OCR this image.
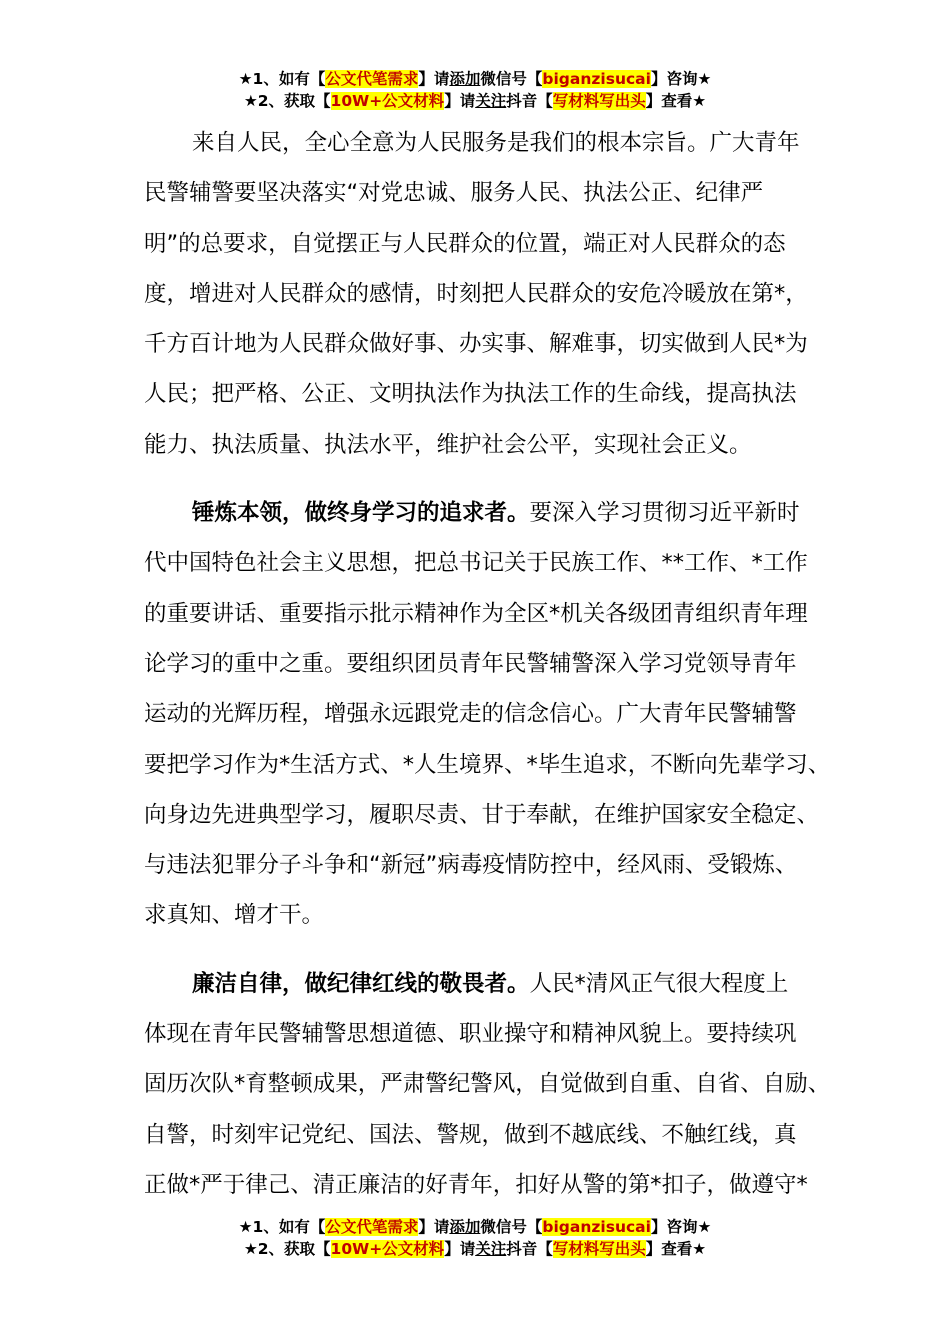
★1、如有【公文代笔需求】请添加微信号【biganzisucai】咨询★
★2、获取【10W+公文材料】请关注抖音【写材料写出头】查看★
来自人民，全心全意为人民服务是我们的根本宗旨。广大青年
民警辅警要坚决落实“对党忠诚、服务人民、执法公正、纪律严
明”的总要求，自觉摆正与人民群众的位置，端正对人民群众的态
度，增进对人民群众的感情，时刻把人民群众的安危冷暖放在第*，
千方百计地为人民群众做好事、办实事、解难事，切实做到人民*为
人民；把严格、公正、文明执法作为执法工作的生命线，提高执法
能力、执法质量、执法水平，维护社会公平，实现社会正义。
锤炼本领，做终身学习的追求者。要深入学习贯彻习近平新时
代中国特色社会主义思想，把总书记关于民族工作、**工作、*工作
的重要讲话、重要指示批示精神作为全区*机关各级团青组织青年理
论学习的重中之重。要组织团员青年民警辅警深入学习党领导青年
运动的光辉历程，增强永远跟党走的信念信心。广大青年民警辅警
要把学习作为*生活方式、*人生境界、*毕生追求，不断向先辈学习、
向身边先进典型学习，履职尽责、甘于奉献，在维护国家安全稳定、
与违法犯罪分子斗争和“新冠”病毒疫情防控中，经风雨、受锻炼、
求真知、增才干。
廉洁自律，做纪律红线的敬畏者。人民*清风正气很大程度上
体现在青年民警辅警思想道德、职业操守和精神风貌上。要持续巩
固历次队*育整顿成果，严肃警纪警风，自觉做到自重、自省、自励、
自警，时刻牢记党纪、国法、警规，做到不越底线、不触红线，真
正做*严于律己、清正廉洁的好青年，扣好从警的第*扣子，做遵守*
★1、如有【公文代笔需求】请添加微信号【biganzisucai】咨询★
★2、获取【10W+公文材料】请关注抖音【写材料写出头】查看★
